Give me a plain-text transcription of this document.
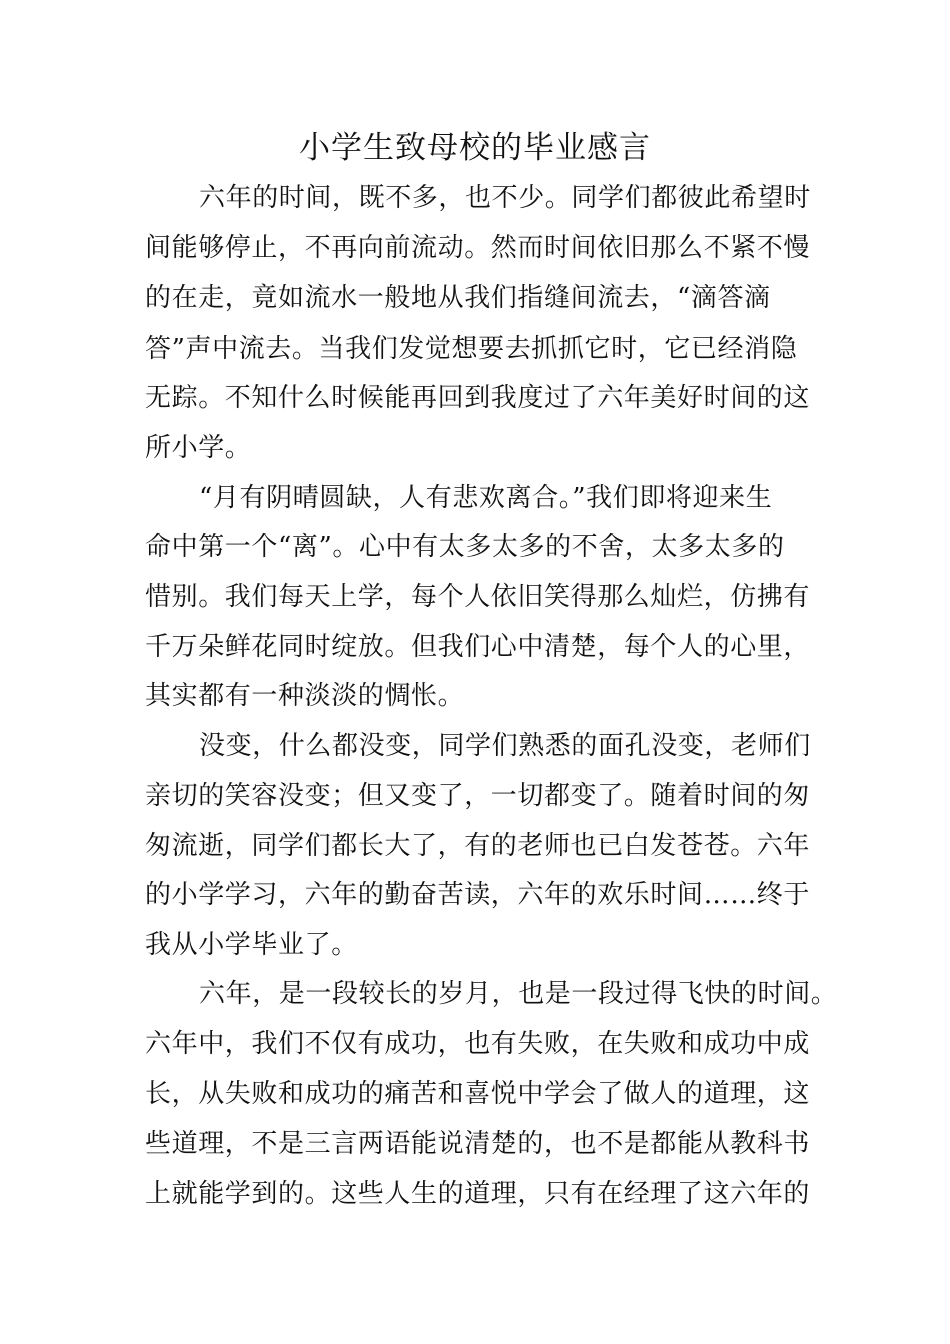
小学生致母校的毕业感言
六年的时间，既不多，也不少。同学们都彼此希望时
间能够停止，不再向前流动。然而时间依旧那么不紧不慢
的在走，竟如流水一般地从我们指缝间流去，“滴答滴
答”声中流去。当我们发觉想要去抓抓它时，它已经消隐
无踪。不知什么时候能再回到我度过了六年美好时间的这
所小学。
“月有阴晴圆缺，人有悲欢离合。”我们即将迎来生
命中第一个“离”。心中有太多太多的不舍，太多太多的
惜别。我们每天上学，每个人依旧笑得那么灿烂，仿拂有
千万朵鲜花同时绽放。但我们心中清楚，每个人的心里，
其实都有一种淡淡的惆怅。
没变，什么都没变，同学们熟悉的面孔没变，老师们
亲切的笑容没变；但又变了，一切都变了。随着时间的匆
匆流逝，同学们都长大了，有的老师也已白发苍苍。六年
的小学学习，六年的勤奋苦读，六年的欢乐时间……终于
我从小学毕业了。
六年，是一段较长的岁月，也是一段过得飞快的时间。
六年中，我们不仅有成功，也有失败，在失败和成功中成
长，从失败和成功的痛苦和喜悦中学会了做人的道理，这
些道理，不是三言两语能说清楚的，也不是都能从教科书
上就能学到的。这些人生的道理，只有在经理了这六年的
